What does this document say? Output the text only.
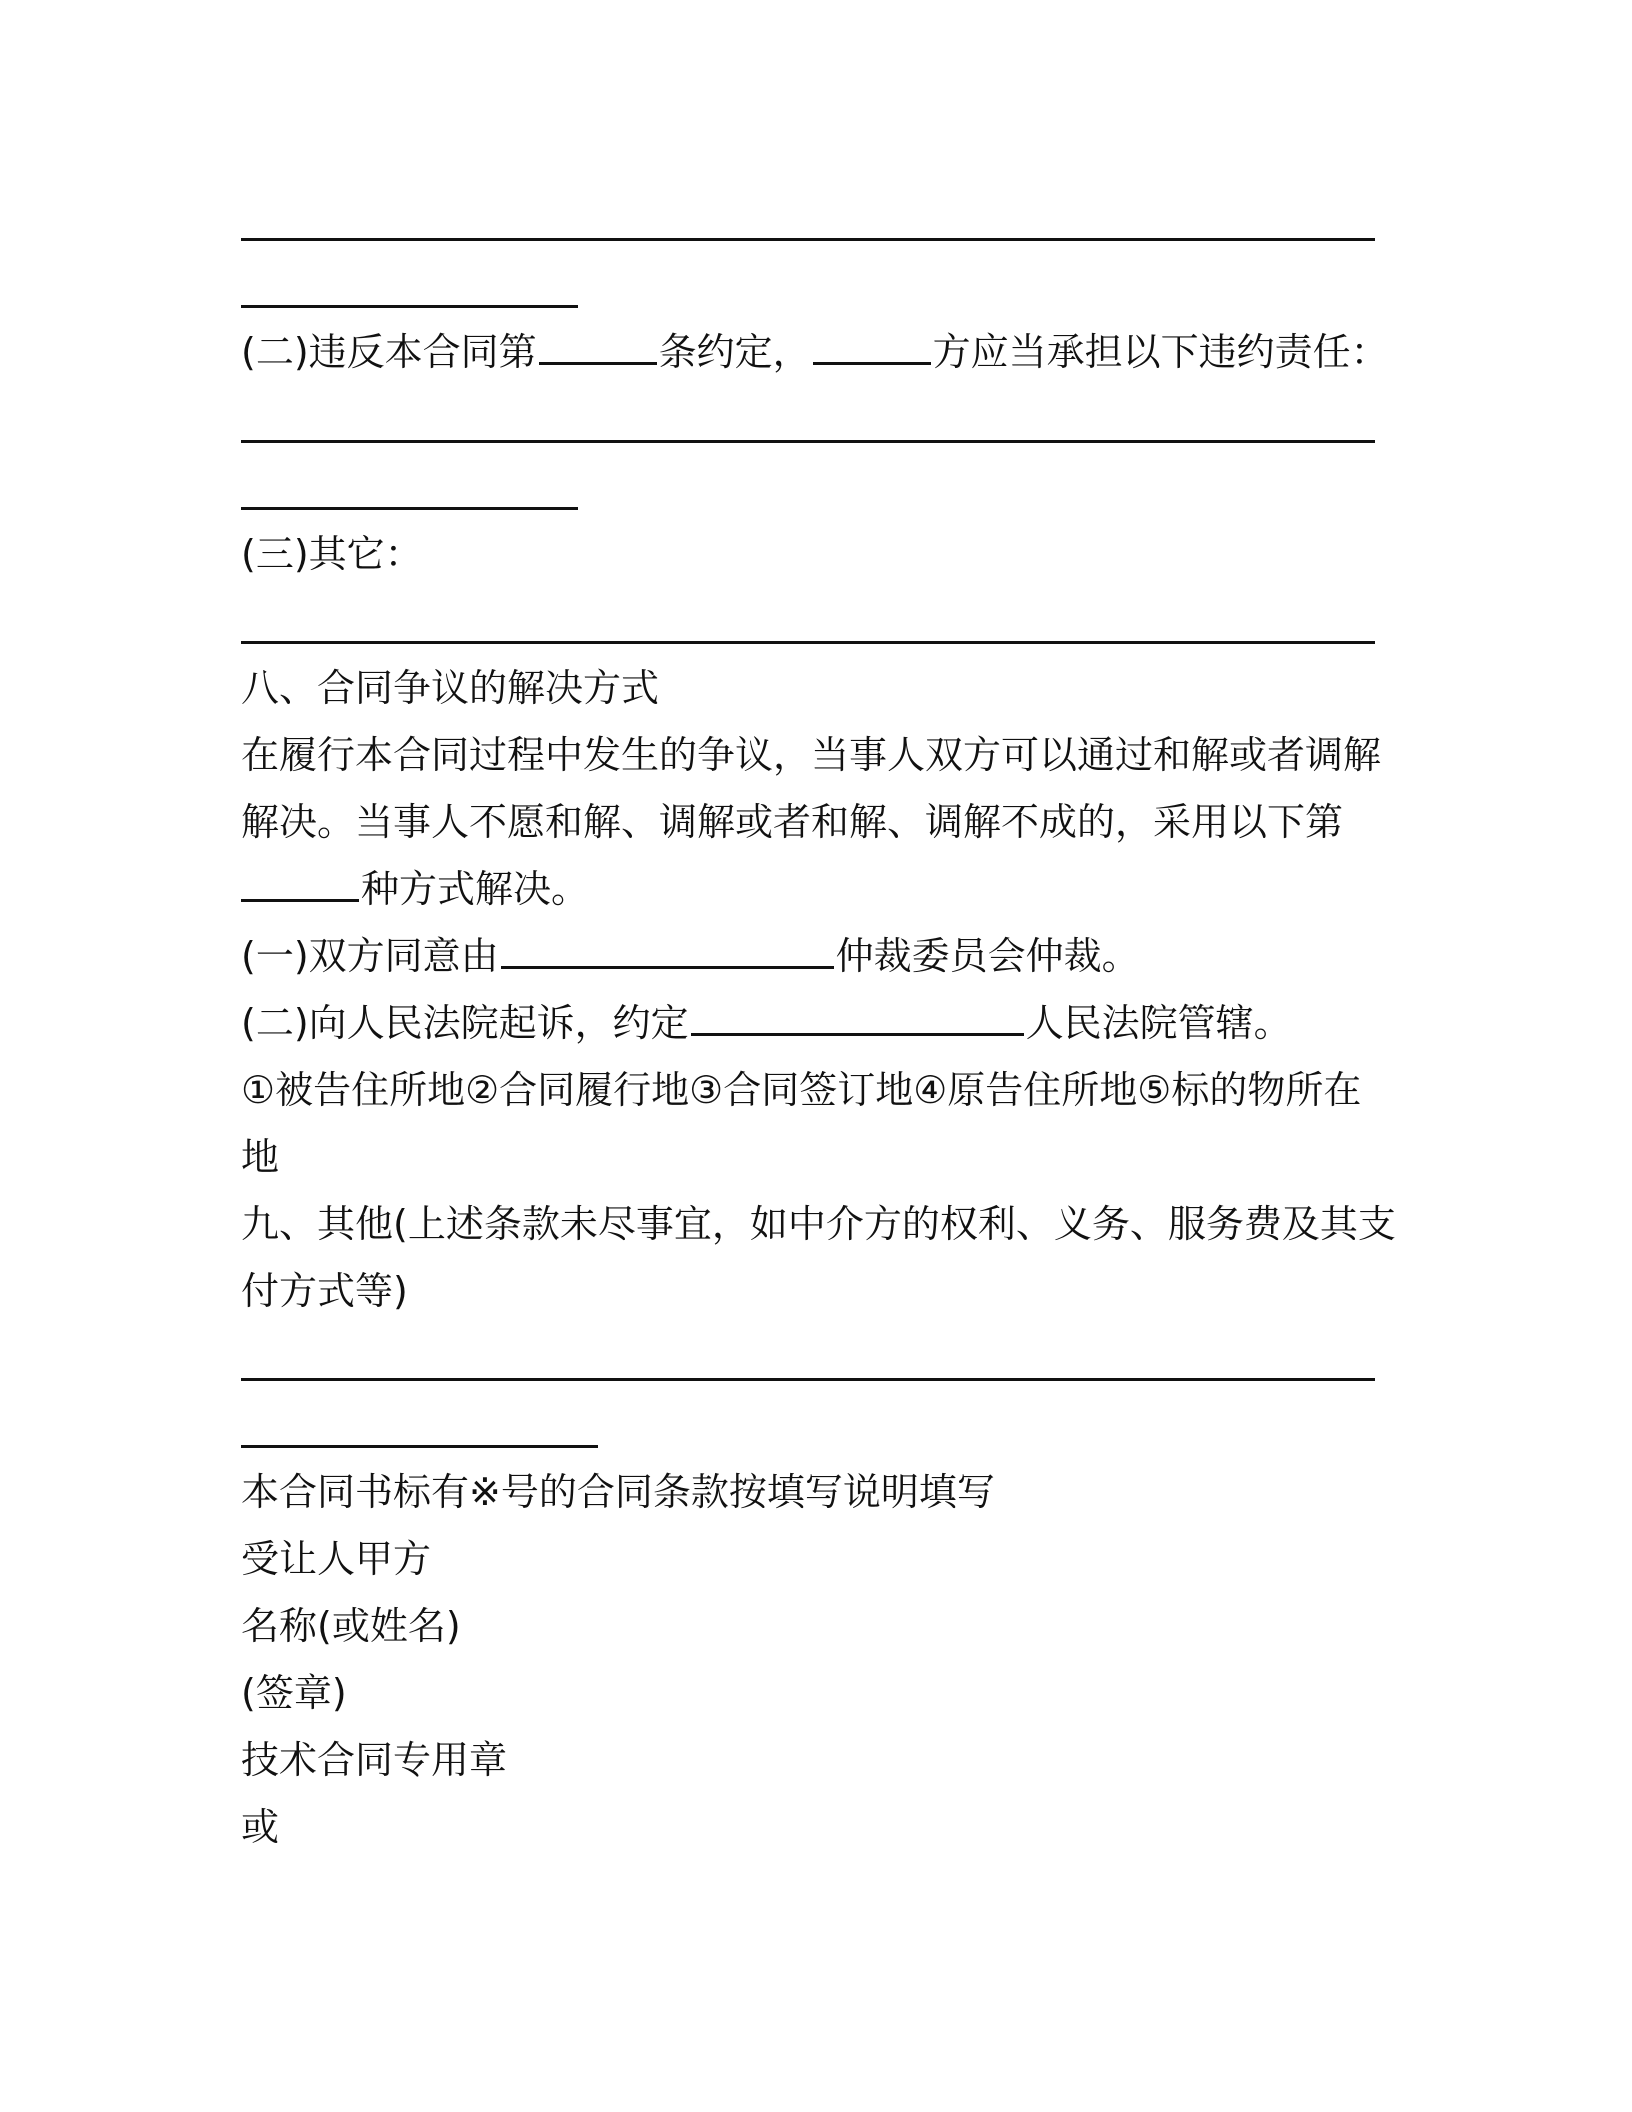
(二)违反本合同第	条约定，	方应当承担以下违约责任：
(三)其它：
八、合同争议的解决方式
在履行本合同过程中发生的争议，当事人双方可以通过和解或者调解
解决。当事人不愿和解、调解或者和解、调解不成的，采用以下第
种方式解决。
(一)双方同意由	仲裁委员会仲裁。
(二)向人民法院起诉，约定	人民法院管辖。
①被告住所地②合同履行地③合同签订地④原告住所地⑤标的物所在
地
九、其他(上述条款未尽事宜，如中介方的权利、义务、服务费及其支
付方式等)
本合同书标有※号的合同条款按填写说明填写
受让人甲方
名称(或姓名)
(签章)
技术合同专用章
或
